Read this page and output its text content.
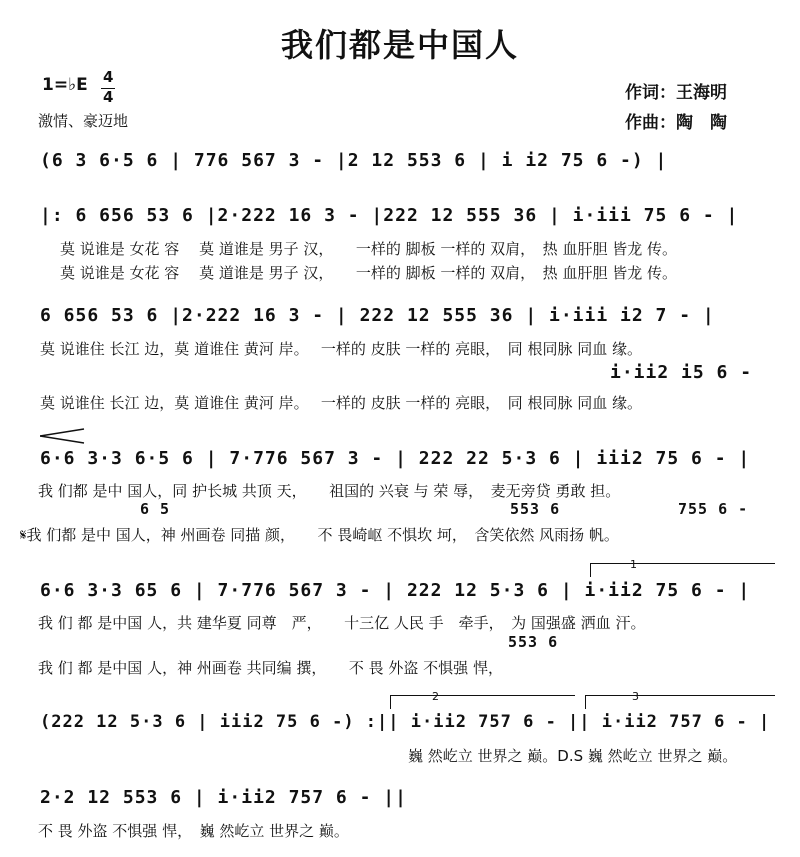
我们都是中国人
1=♭E 4
4
激情、豪迈地
作词：王海明
作曲：陶　陶
(6 3 6·5 6 | 776 567 3 - |2 12 553 6 | i i2 75 6 -) |
|: 6 656 53 6 |2·222 16 3 - |222 12 555 36 | i·iii 75 6 - |
莫 说谁是 女花 容　 莫 道谁是 男子 汉，　　一样的 脚板 一样的 双肩，　热 血肝胆 皆龙 传。
莫 说谁是 女花 容　 莫 道谁是 男子 汉，　　一样的 脚板 一样的 双肩，　热 血肝胆 皆龙 传。
6 656 53 6 |2·222 16 3 - | 222 12 555 36 | i·iii i2 7 - |
莫 说谁住 长江 边，莫 道谁住 黄河 岸。　 一样的 皮肤 一样的 亮眼，　同 根同脉 同血 缘。
i·ii2 i5 6 -
莫 说谁住 长江 边，莫 道谁住 黄河 岸。　 一样的 皮肤 一样的 亮眼，　同 根同脉 同血 缘。
6·6 3·3 6·5 6 | 7·776 567 3 - | 222 22 5·3 6 | iii2 75 6 - |
我 们都 是中 国人，同 护长城 共顶 天，　　祖国的 兴衰 与 荣 辱，　麦无旁贷 勇敢 担。
6 5	553 6	755 6 -
𝄋我 们都 是中 国人，神 州画卷 同描 颜，　　不 畏崎岖 不惧坎 坷，　含笑依然 风雨扬 帆。
1
6·6 3·3 65 6 | 7·776 567 3 - | 222 12 5·3 6 | i·ii2 75 6 - |
我 们 都 是中国 人，共 建华夏 同尊　严，　　十三亿 人民 手　牵手，　为 国强盛 洒血 汗。
553 6
我 们 都 是中国 人，神 州画卷 共同编 撰，　　不 畏 外盗 不惧强 悍，
2	3
(222 12 5·3 6 | iii2 75 6 -) :|| i·ii2 757 6 - || i·ii2 757 6 - |
巍 然屹立 世界之 巅。D.S 巍 然屹立 世界之 巅。
2·2 12 553 6 | i·ii2 757 6 - ||
不 畏 外盗 不惧强 悍，　巍 然屹立 世界之 巅。
